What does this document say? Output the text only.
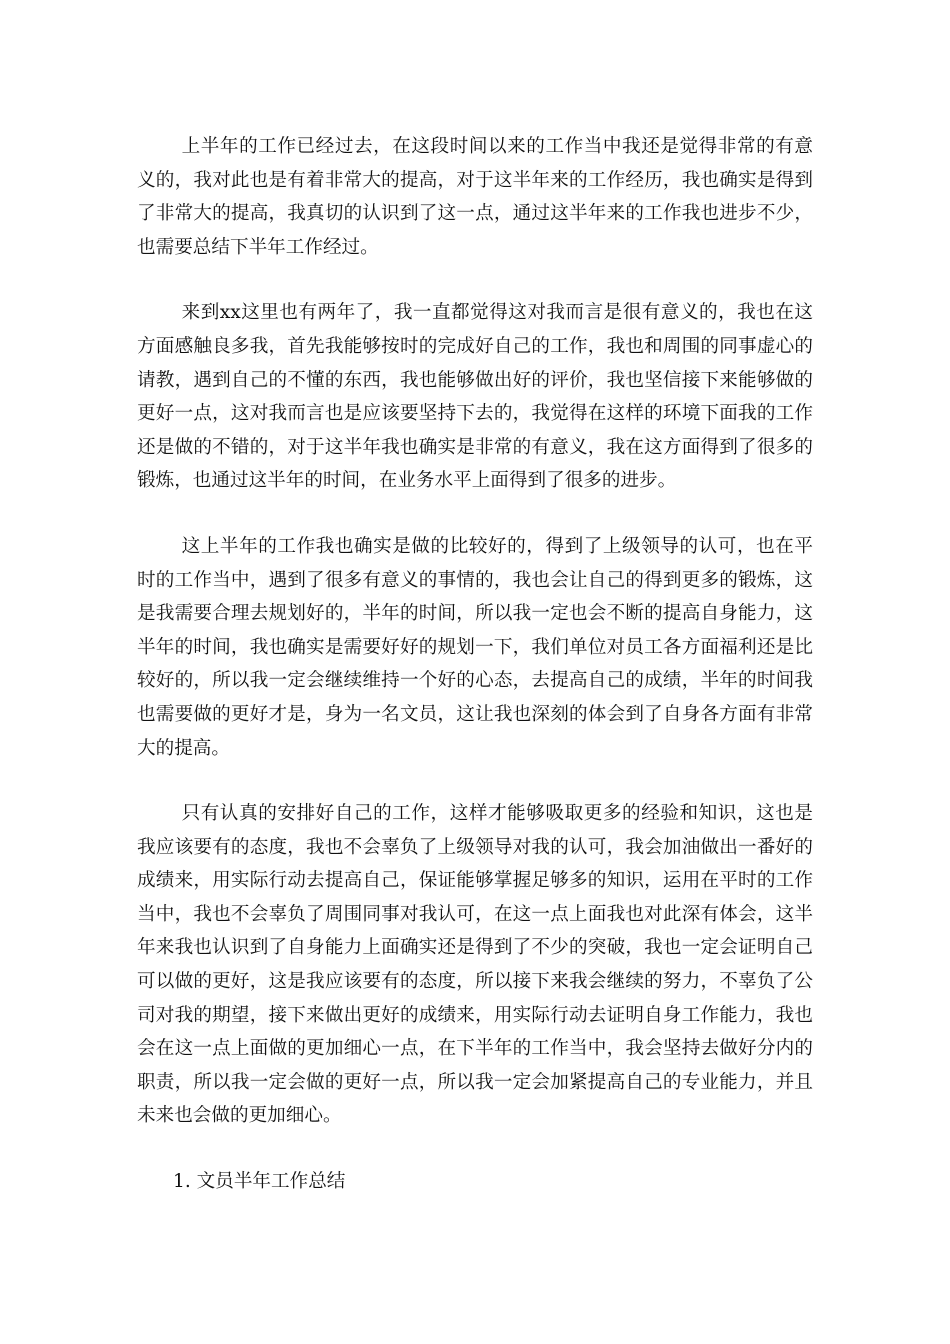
上半年的工作已经过去，在这段时间以来的工作当中我还是觉得非常的有意义的，我对此也是有着非常大的提高，对于这半年来的工作经历，我也确实是得到了非常大的提高，我真切的认识到了这一点，通过这半年来的工作我也进步不少，也需要总结下半年工作经过。

来到xx这里也有两年了，我一直都觉得这对我而言是很有意义的，我也在这方面感触良多我，首先我能够按时的完成好自己的工作，我也和周围的同事虚心的请教，遇到自己的不懂的东西，我也能够做出好的评价，我也坚信接下来能够做的更好一点，这对我而言也是应该要坚持下去的，我觉得在这样的环境下面我的工作还是做的不错的，对于这半年我也确实是非常的有意义，我在这方面得到了很多的锻炼，也通过这半年的时间，在业务水平上面得到了很多的进步。

这上半年的工作我也确实是做的比较好的，得到了上级领导的认可，也在平时的工作当中，遇到了很多有意义的事情的，我也会让自己的得到更多的锻炼，这是我需要合理去规划好的，半年的时间，所以我一定也会不断的提高自身能力，这半年的时间，我也确实是需要好好的规划一下，我们单位对员工各方面福利还是比较好的，所以我一定会继续维持一个好的心态，去提高自己的成绩，半年的时间我也需要做的更好才是，身为一名文员，这让我也深刻的体会到了自身各方面有非常大的提高。

只有认真的安排好自己的工作，这样才能够吸取更多的经验和知识，这也是我应该要有的态度，我也不会辜负了上级领导对我的认可，我会加油做出一番好的成绩来，用实际行动去提高自己，保证能够掌握足够多的知识，运用在平时的工作当中，我也不会辜负了周围同事对我认可，在这一点上面我也对此深有体会，这半年来我也认识到了自身能力上面确实还是得到了不少的突破，我也一定会证明自己可以做的更好，这是我应该要有的态度，所以接下来我会继续的努力，不辜负了公司对我的期望，接下来做出更好的成绩来，用实际行动去证明自身工作能力，我也会在这一点上面做的更加细心一点，在下半年的工作当中，我会坚持去做好分内的职责，所以我一定会做的更好一点，所以我一定会加紧提高自己的专业能力，并且未来也会做的更加细心。

1. 文员半年工作总结
